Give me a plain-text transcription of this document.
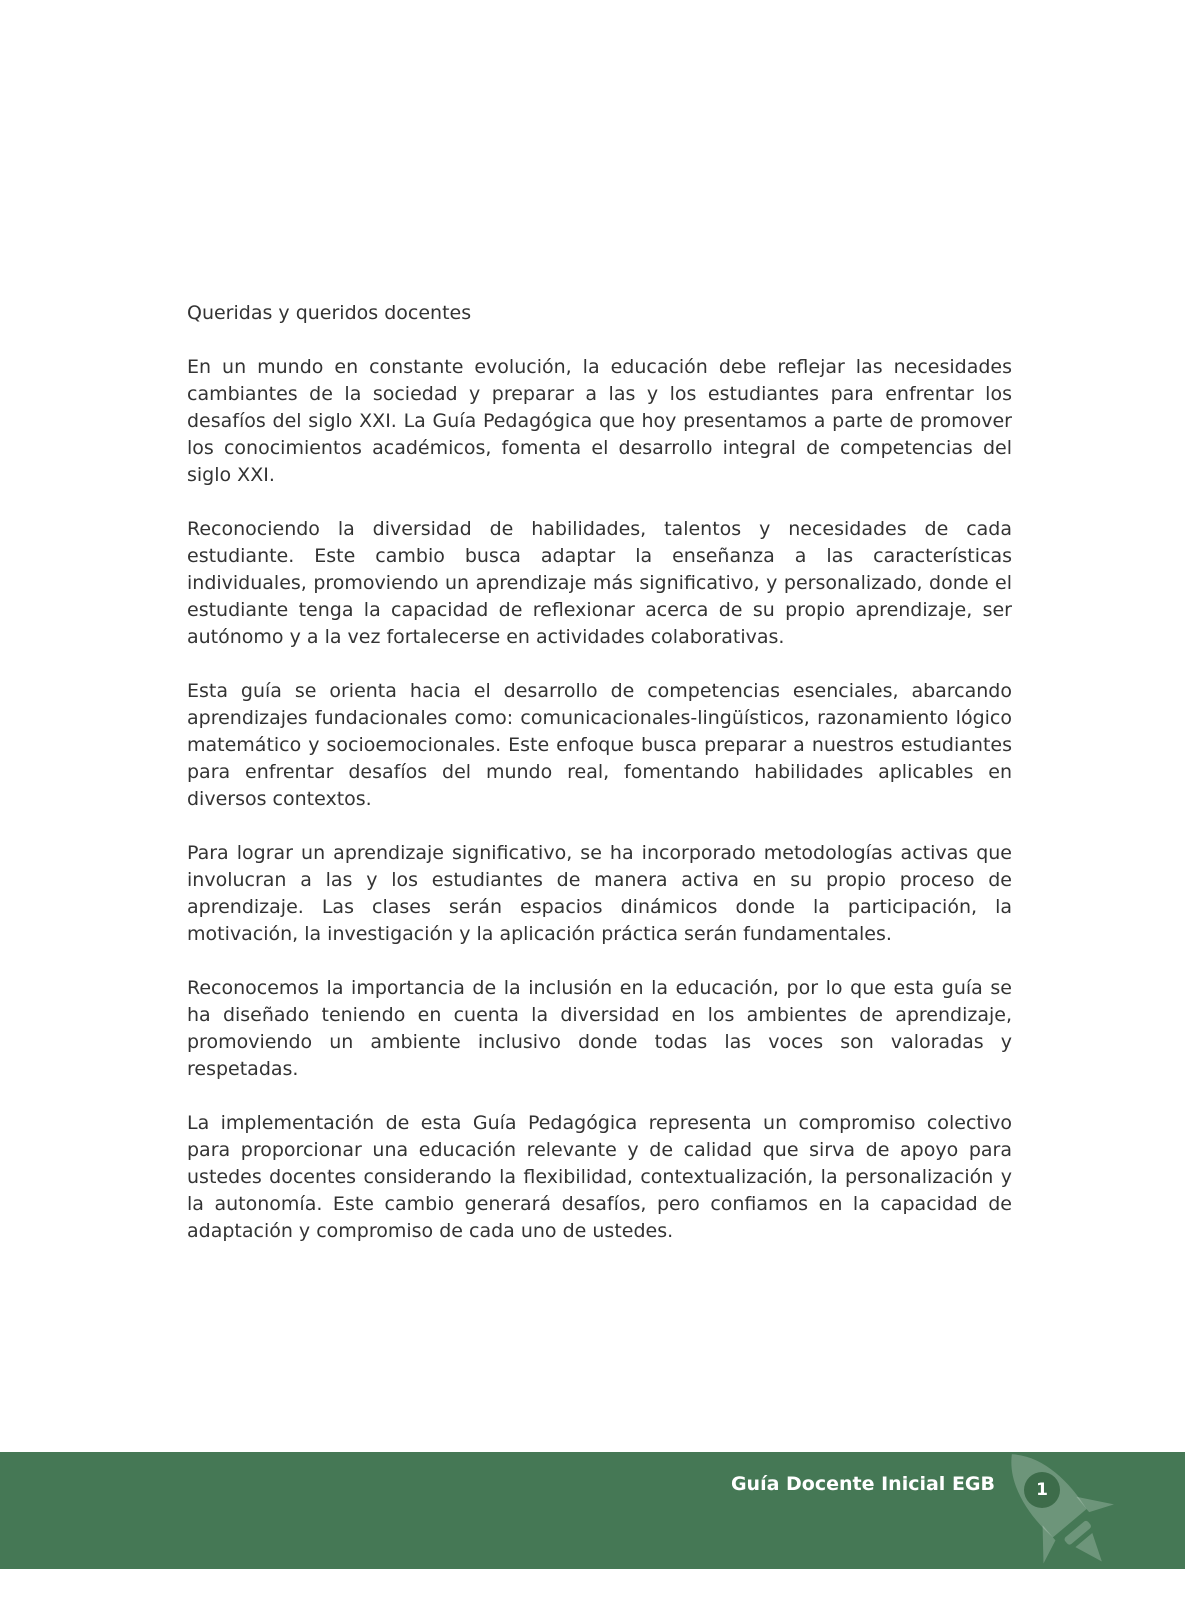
Queridas y queridos docentes

En un mundo en constante evolución, la educación debe reflejar las necesidades cambiantes de la sociedad y preparar a las y los estudiantes para enfrentar los desafíos del siglo XXI. La Guía Pedagógica que hoy presentamos a parte de promover los conocimientos académicos, fomenta el desarrollo integral de competencias del siglo XXI.

Reconociendo la diversidad de habilidades, talentos y necesidades de cada estudiante. Este cambio busca adaptar la enseñanza a las características individuales, promoviendo un aprendizaje más significativo, y personalizado, donde el estudiante tenga la capacidad de reflexionar acerca de su propio aprendizaje, ser autónomo y a la vez fortalecerse en actividades colaborativas.

Esta guía se orienta hacia el desarrollo de competencias esenciales, abarcando aprendizajes fundacionales como: comunicacionales-lingüísticos, razonamiento lógico matemático y socioemocionales. Este enfoque busca preparar a nuestros estudiantes para enfrentar desafíos del mundo real, fomentando habilidades aplicables en diversos contextos.

Para lograr un aprendizaje significativo, se ha incorporado metodologías activas que involucran a las y los estudiantes de manera activa en su propio proceso de aprendizaje. Las clases serán espacios dinámicos donde la participación, la motivación, la investigación y la aplicación práctica serán fundamentales.

Reconocemos la importancia de la inclusión en la educación, por lo que esta guía se ha diseñado teniendo en cuenta la diversidad en los ambientes de aprendizaje, promoviendo un ambiente inclusivo donde todas las voces son valoradas y respetadas.

La implementación de esta Guía Pedagógica representa un compromiso colectivo para proporcionar una educación relevante y de calidad que sirva de apoyo para ustedes docentes considerando la flexibilidad, contextualización, la personalización y la autonomía. Este cambio generará desafíos, pero confiamos en la capacidad de adaptación y compromiso de cada uno de ustedes.

Guía Docente Inicial EGB	1
